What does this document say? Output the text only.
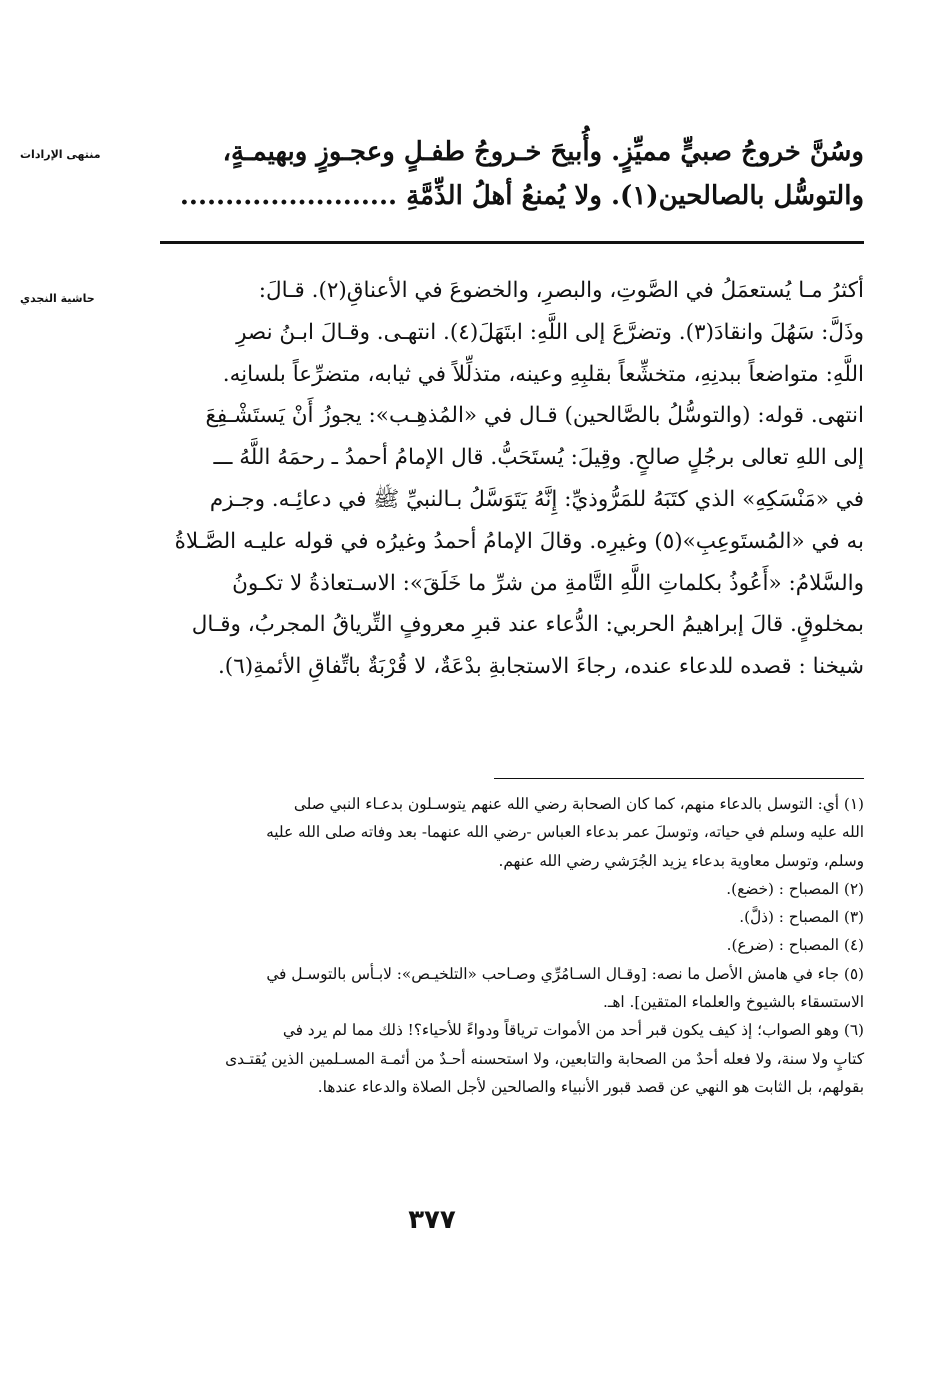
منتهى الإرادات
حاشية النجدي

وسُنَّ خروجُ صبيٍّ مميِّزٍ. وأُبيحَ خـروجُ طفـلٍ وعجـوزٍ وبهيمـةٍ،

والتوسُّل بالصالحين(١). ولا يُمنعُ أهلُ الذِّمَّةِ ........................

أكثرُ مـا يُستعمَلُ في الصَّوتِ، والبصرِ، والخضوعَ في الأعناقِ(٢). قـالَ:

وذَلَّ: سَهُلَ وانقادَ(٣). وتضرَّعَ إلى اللَّهِ: ابتَهَلَ(٤). انتهـى. وقـالَ ابـنُ نصرِ

اللَّهِ: متواضعاً ببدنِهِ، متخشِّعاً بقلبِهِ وعينه، متذلِّلاً في ثيابه، متضرِّعاً بلسانِه.

انتهى. قوله: (والتوسُّلُ بالصَّالحين) قـال في «المُذهِـب»: يجوزُ أَنْ يَستَشْـفِعَ

إلى اللهِ تعالى برجُلٍ صالحٍ. وقِيلَ: يُستَحَبُّ. قال الإمامُ أحمدُ ـ رحمَهُ اللَّهُ ـــ

في «مَنْسَكِهِ» الذي كتَبَهُ للمَرُّوذيِّ: إِنَّهُ يَتَوَسَّلُ بـالنبيِّ ﷺ في دعائِـه. وجـزم

به في «المُستَوعِبِ»(٥) وغيرِه. وقالَ الإمامُ أحمدُ وغيرُه في قوله عليـه الصَّـلاةُ

والسَّلامُ: «أَعُوذُ بكلماتِ اللَّهِ التَّامةِ من شرِّ ما خَلَقَ»: الاسـتعاذةُ لا تكـونُ

بمخلوقٍ. قالَ إبراهيمُ الحربي: الدُّعاء عند قبرِ معروفٍ التِّرياقُ المجربُ، وقـال

شيخنا : قصده للدعاء عنده، رجاءَ الاستجابةِ بدْعَةٌ، لا قُرْبَةٌ باتِّفاقِ الأئمةِ(٦).

(١) أي: التوسل بالدعاء منهم، كما كان الصحابة رضي الله عنهم يتوسـلون بدعـاء النبي صلى

الله عليه وسلم في حياته، وتوسلَ عمر بدعاء العباس -رضي الله عنهما- بعد وفاته صلى الله عليه

وسلم، وتوسل معاوية بدعاء يزيد الجُرَشي رضي الله عنهم.

(٢) المصباح : (خضع).

(٣) المصباح : (ذلَّ).

(٤) المصباح : (ضرع).

(٥) جاء في هامش الأصل ما نصه: [وقـال السـامُرِّي وصـاحب «التلخيـص»: لابـأس بالتوسـل في

الاستسقاء بالشيوخ والعلماء المتقين]. اهـ.

(٦) وهو الصواب؛ إذ كيف يكون قبر أحد من الأموات ترياقاً ودواءً للأحياء؟! ذلك مما لم يرد في

كتابٍ ولا سنة، ولا فعله أحدٌ من الصحابة والتابعين، ولا استحسنه أحـدٌ من أئمـة المسـلمين الذين يُقتـدى

بقولهم، بل الثابت هو النهي عن قصد قبور الأنبياء والصالحين لأجل الصلاة والدعاء عندها.

٣٧٧
